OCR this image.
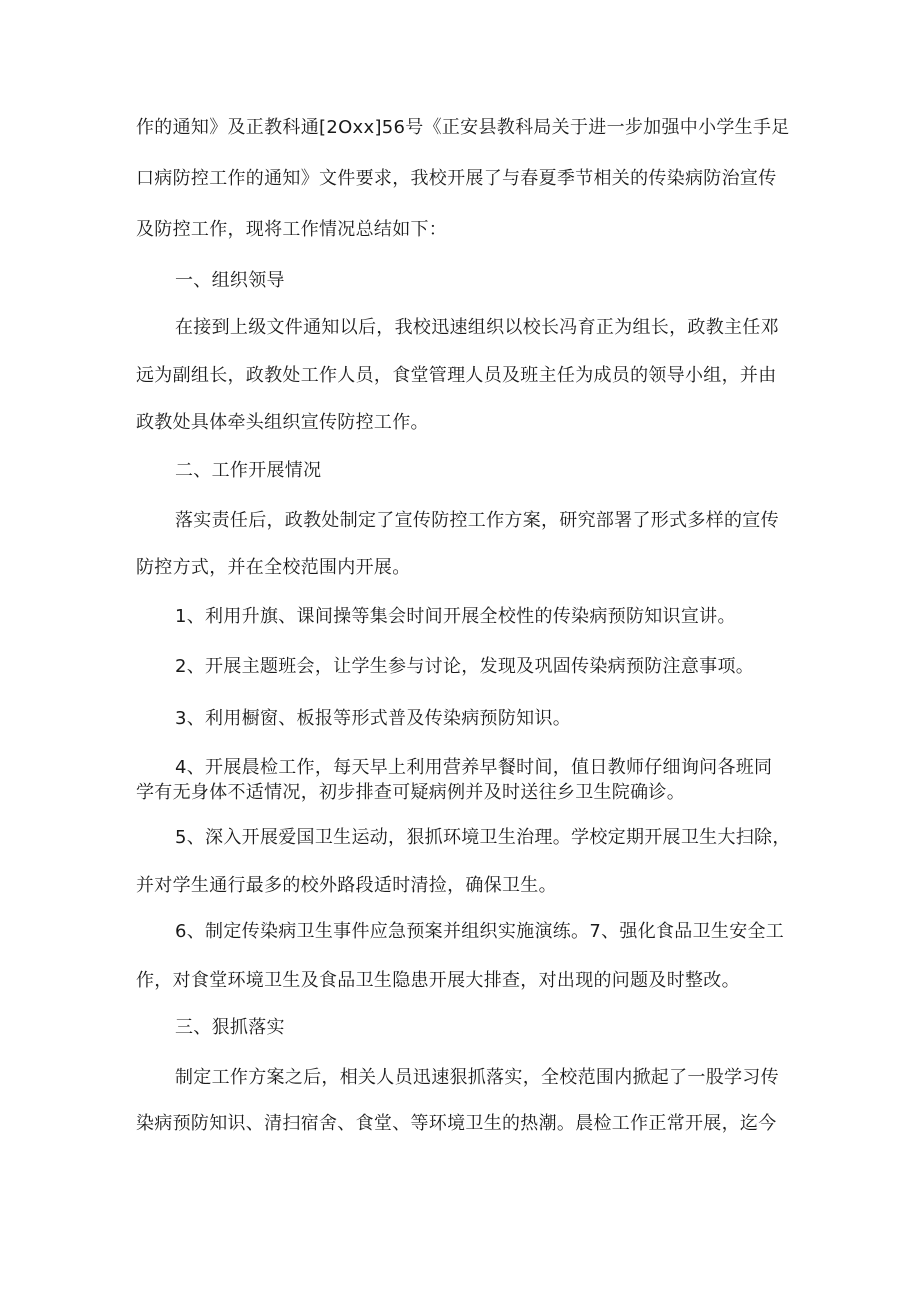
作的通知》及正教科通[2Oxx]56号《正安县教科局关于进一步加强中小学生手足

口病防控工作的通知》文件要求，我校开展了与春夏季节相关的传染病防治宣传

及防控工作，现将工作情况总结如下：

一、组织领导

在接到上级文件通知以后，我校迅速组织以校长冯育正为组长，政教主任邓

远为副组长，政教处工作人员，食堂管理人员及班主任为成员的领导小组，并由

政教处具体牵头组织宣传防控工作。

二、工作开展情况

落实责任后，政教处制定了宣传防控工作方案，研究部署了形式多样的宣传

防控方式，并在全校范围内开展。

1、利用升旗、课间操等集会时间开展全校性的传染病预防知识宣讲。

2、开展主题班会，让学生参与讨论，发现及巩固传染病预防注意事项。

3、利用橱窗、板报等形式普及传染病预防知识。

4、开展晨检工作，每天早上利用营养早餐时间，值日教师仔细询问各班同

学有无身体不适情况，初步排查可疑病例并及时送往乡卫生院确诊。

5、深入开展爱国卫生运动，狠抓环境卫生治理。学校定期开展卫生大扫除，

并对学生通行最多的校外路段适时清捡，确保卫生。

6、制定传染病卫生事件应急预案并组织实施演练。7、强化食品卫生安全工

作，对食堂环境卫生及食品卫生隐患开展大排查，对出现的问题及时整改。

三、狠抓落实

制定工作方案之后，相关人员迅速狠抓落实，全校范围内掀起了一股学习传

染病预防知识、清扫宿舍、食堂、等环境卫生的热潮。晨检工作正常开展，迄今
